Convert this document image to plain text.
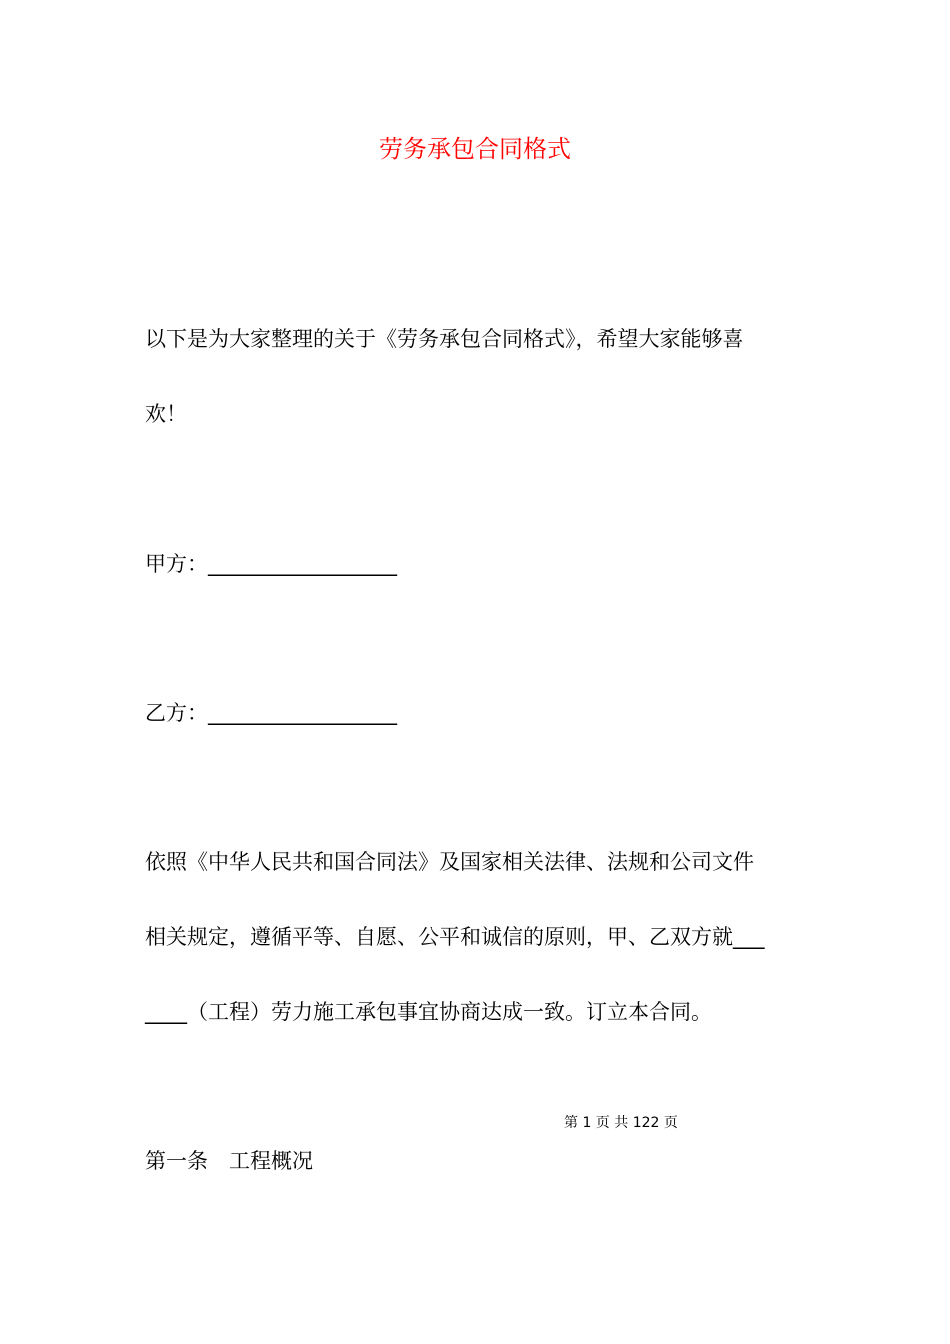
劳务承包合同格式

以下是为大家整理的关于《劳务承包合同格式》，希望大家能够喜

欢！

甲方：__________________

乙方：__________________

依照《中华人民共和国合同法》及国家相关法律、法规和公司文件

相关规定，遵循平等、自愿、公平和诚信的原则，甲、乙双方就___

____（工程）劳力施工承包事宜协商达成一致。订立本合同。

第 1 页 共 122 页

第一条　工程概况
